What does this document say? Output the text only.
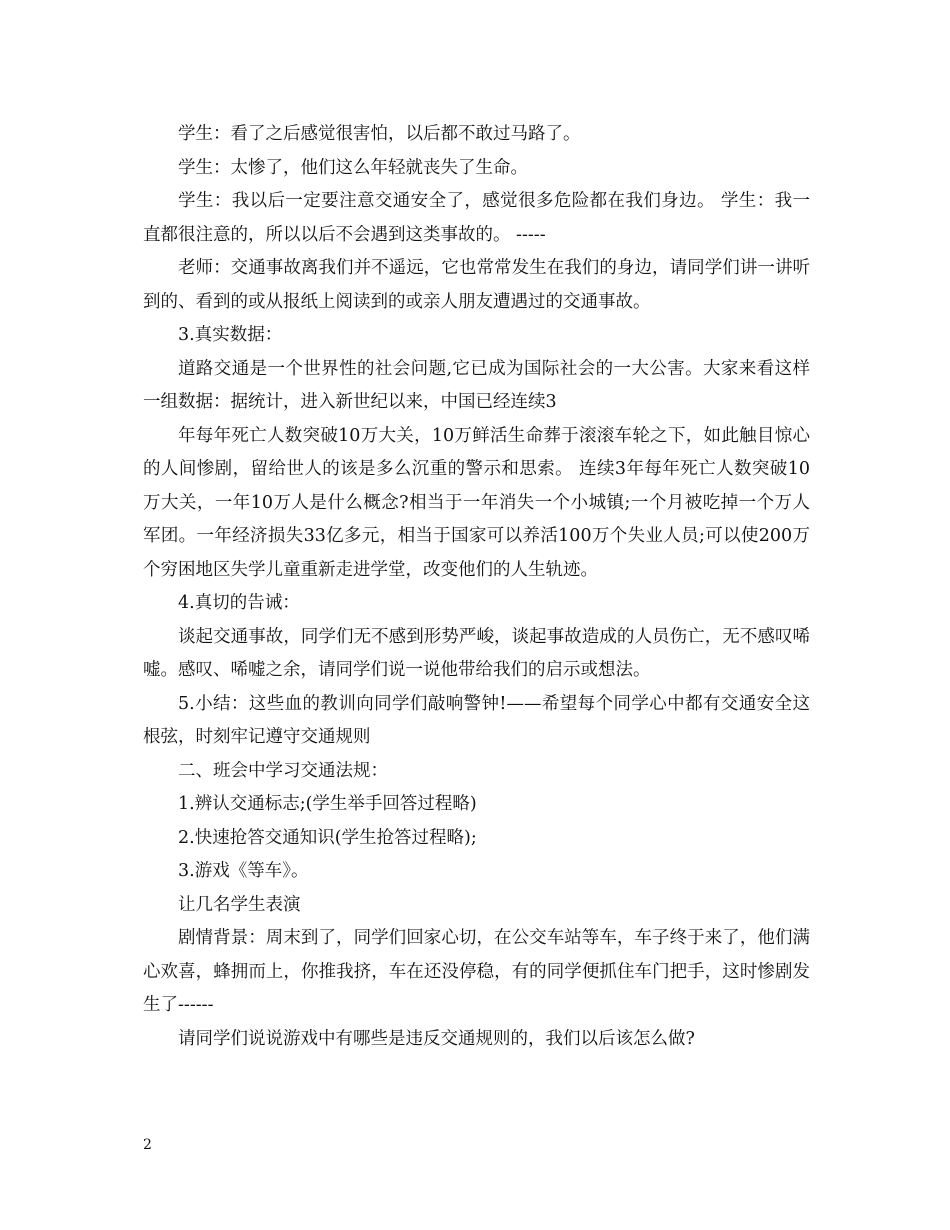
学生：看了之后感觉很害怕，以后都不敢过马路了。

学生：太惨了，他们这么年轻就丧失了生命。

学生：我以后一定要注意交通安全了，感觉很多危险都在我们身边。 学生：我一直都很注意的，所以以后不会遇到这类事故的。 -----

老师：交通事故离我们并不遥远，它也常常发生在我们的身边，请同学们讲一讲听到的、看到的或从报纸上阅读到的或亲人朋友遭遇过的交通事故。

3.真实数据：

道路交通是一个世界性的社会问题,它已成为国际社会的一大公害。大家来看这样一组数据：据统计，进入新世纪以来，中国已经连续3

年每年死亡人数突破10万大关，10万鲜活生命葬于滚滚车轮之下，如此触目惊心的人间惨剧，留给世人的该是多么沉重的警示和思索。 连续3年每年死亡人数突破10万大关，一年10万人是什么概念?相当于一年消失一个小城镇;一个月被吃掉一个万人军团。一年经济损失33亿多元，相当于国家可以养活100万个失业人员;可以使200万个穷困地区失学儿童重新走进学堂，改变他们的人生轨迹。

4.真切的告诫：

谈起交通事故，同学们无不感到形势严峻，谈起事故造成的人员伤亡，无不感叹唏嘘。感叹、唏嘘之余，请同学们说一说他带给我们的启示或想法。

5.小结：这些血的教训向同学们敲响警钟!——希望每个同学心中都有交通安全这根弦，时刻牢记遵守交通规则

二、班会中学习交通法规：

1.辨认交通标志;(学生举手回答过程略)

2.快速抢答交通知识(学生抢答过程略);

3.游戏《等车》。

让几名学生表演

剧情背景：周末到了，同学们回家心切，在公交车站等车，车子终于来了，他们满心欢喜，蜂拥而上，你推我挤，车在还没停稳，有的同学便抓住车门把手，这时惨剧发生了------

请同学们说说游戏中有哪些是违反交通规则的，我们以后该怎么做?

2
